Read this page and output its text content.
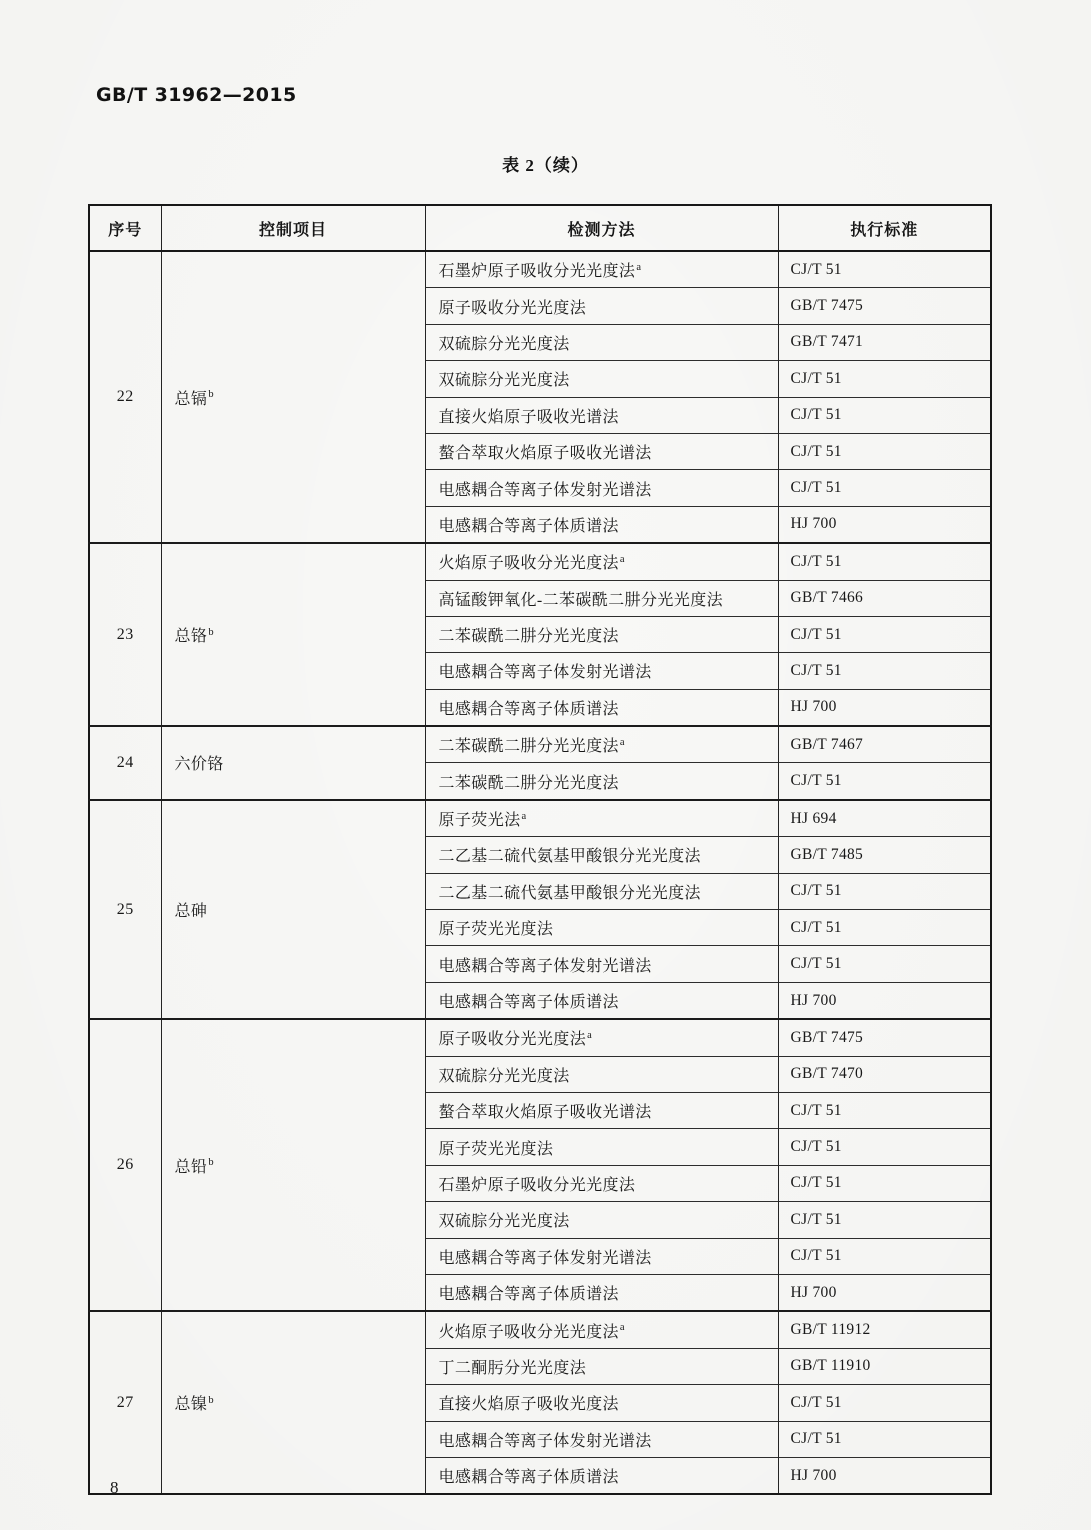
GB/T 31962—2015
表 2（续）
序号	控制项目	检测方法	执行标准
22	总镉$^b$	石墨炉原子吸收分光光度法$^a$	CJ/T 51
		原子吸收分光光度法	GB/T 7475
		双硫腙分光光度法	GB/T 7471
		双硫腙分光光度法	CJ/T 51
		直接火焰原子吸收光谱法	CJ/T 51
		螯合萃取火焰原子吸收光谱法	CJ/T 51
		电感耦合等离子体发射光谱法	CJ/T 51
		电感耦合等离子体质谱法	HJ 700
23	总铬$^b$	火焰原子吸收分光光度法$^a$	CJ/T 51
		高锰酸钾氧化-二苯碳酰二肼分光光度法	GB/T 7466
		二苯碳酰二肼分光光度法	CJ/T 51
		电感耦合等离子体发射光谱法	CJ/T 51
		电感耦合等离子体质谱法	HJ 700
24	六价铬	二苯碳酰二肼分光光度法$^a$	GB/T 7467
		二苯碳酰二肼分光光度法	CJ/T 51
25	总砷	原子荧光法$^a$	HJ 694
		二乙基二硫代氨基甲酸银分光光度法	GB/T 7485
		二乙基二硫代氨基甲酸银分光光度法	CJ/T 51
		原子荧光光度法	CJ/T 51
		电感耦合等离子体发射光谱法	CJ/T 51
		电感耦合等离子体质谱法	HJ 700
26	总铅$^b$	原子吸收分光光度法$^a$	GB/T 7475
		双硫腙分光光度法	GB/T 7470
		螯合萃取火焰原子吸收光谱法	CJ/T 51
		原子荧光光度法	CJ/T 51
		石墨炉原子吸收分光光度法	CJ/T 51
		双硫腙分光光度法	CJ/T 51
		电感耦合等离子体发射光谱法	CJ/T 51
		电感耦合等离子体质谱法	HJ 700
27	总镍$^b$	火焰原子吸收分光光度法$^a$	GB/T 11912
		丁二酮肟分光光度法	GB/T 11910
		直接火焰原子吸收光度法	CJ/T 51
		电感耦合等离子体发射光谱法	CJ/T 51
		电感耦合等离子体质谱法	HJ 700
8
